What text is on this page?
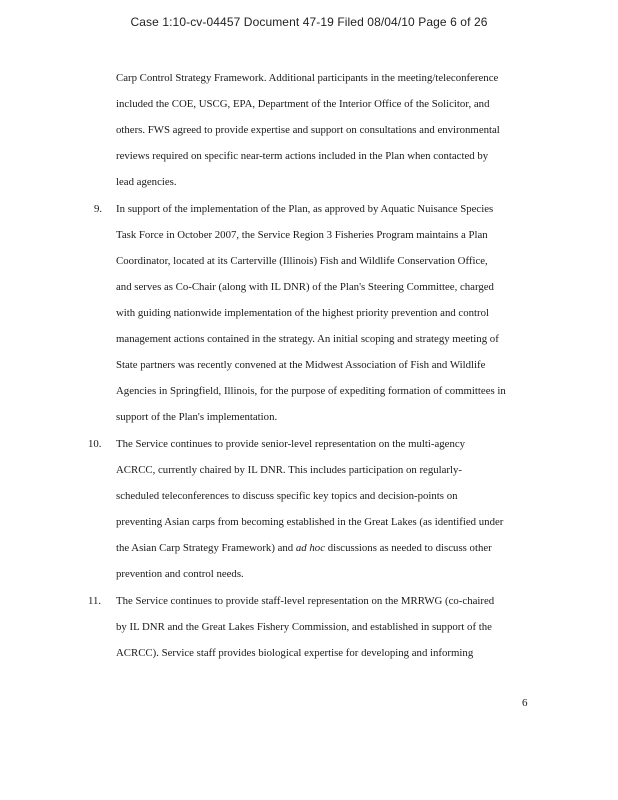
Case 1:10-cv-04457 Document 47-19 Filed 08/04/10 Page 6 of 26
Carp Control Strategy Framework. Additional participants in the meeting/teleconference
included the COE, USCG, EPA, Department of the Interior Office of the Solicitor, and
others. FWS agreed to provide expertise and support on consultations and environmental
reviews required on specific near-term actions included in the Plan when contacted by
lead agencies.
9. In support of the implementation of the Plan, as approved by Aquatic Nuisance Species
Task Force in October 2007, the Service Region 3 Fisheries Program maintains a Plan
Coordinator, located at its Carterville (Illinois) Fish and Wildlife Conservation Office,
and serves as Co-Chair (along with IL DNR) of the Plan's Steering Committee, charged
with guiding nationwide implementation of the highest priority prevention and control
management actions contained in the strategy. An initial scoping and strategy meeting of
State partners was recently convened at the Midwest Association of Fish and Wildlife
Agencies in Springfield, Illinois, for the purpose of expediting formation of committees in
support of the Plan's implementation.
10. The Service continues to provide senior-level representation on the multi-agency
ACRCC, currently chaired by IL DNR. This includes participation on regularly-
scheduled teleconferences to discuss specific key topics and decision-points on
preventing Asian carps from becoming established in the Great Lakes (as identified under
the Asian Carp Strategy Framework) and ad hoc discussions as needed to discuss other
prevention and control needs.
11. The Service continues to provide staff-level representation on the MRRWG (co-chaired
by IL DNR and the Great Lakes Fishery Commission, and established in support of the
ACRCC). Service staff provides biological expertise for developing and informing
6
